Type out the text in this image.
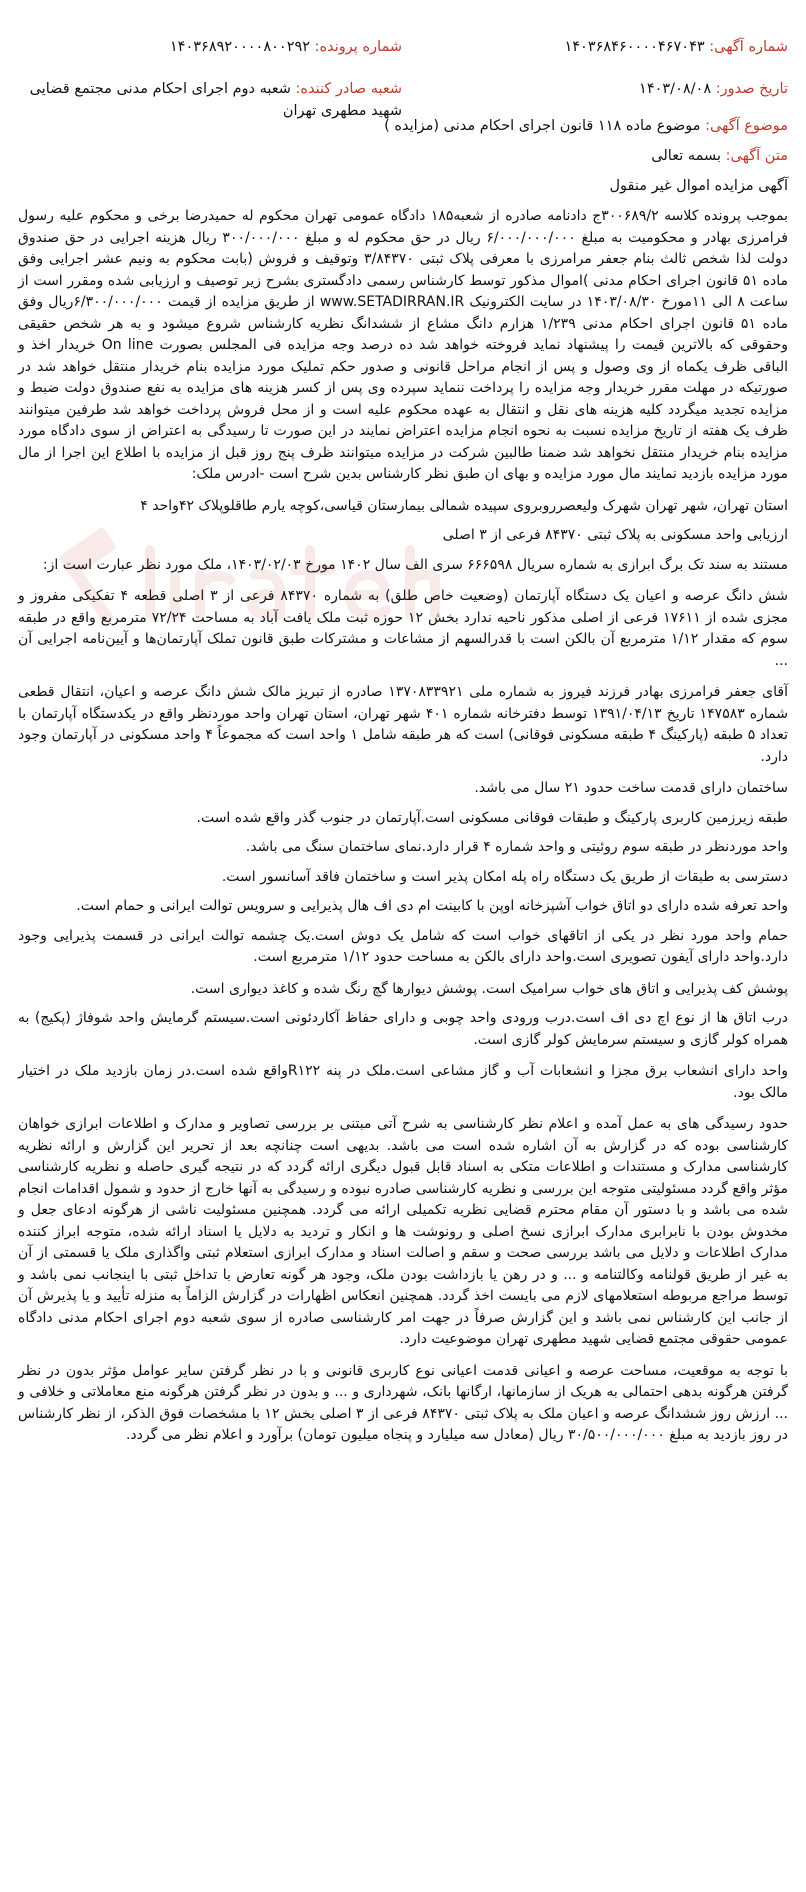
شماره آگهی: ۱۴۰۳۶۸۴۶۰۰۰۰۴۶۷۰۴۳
شماره پرونده: ۱۴۰۳۶۸۹۲۰۰۰۰۸۰۰۲۹۲
تاریخ صدور: ۱۴۰۳/۰۸/۰۸
شعبه صادر کننده: شعبه دوم اجرای احکام مدنی مجتمع قضایی شهید مطهری تهران
موضوع آگهی: موضوع ماده ۱۱۸ قانون اجرای احکام مدنی (مزایده )
متن آگهی: بسمه تعالی
آگهی مزایده اموال غیر منقول

بموجب پرونده کلاسه ۳۰۰۶۸۹/۲ج دادنامه صادره از شعبه۱۸۵ دادگاه عمومی تهران محکوم له حمیدرضا برخی و محکوم علیه رسول فرامرزی بهادر و محکومیت به مبلغ ۶/۰۰۰/۰۰۰/۰۰۰ ریال در حق محکوم له و مبلغ ۳۰۰/۰۰۰/۰۰۰ ریال هزینه اجرایی در حق صندوق دولت لذا شخص ثالث بنام جعفر مرامرزی با معرفی پلاک ثبتی ۳/۸۴۳۷۰ وتوقیف و فروش (بابت محکوم به ونیم عشر اجرایی وفق ماده ۵۱ قانون اجرای احکام مدنی )اموال مذکور توسط کارشناس رسمی دادگستری بشرح زیر توصیف و ارزیابی شده ومقرر است از ساعت ۸ الی ۱۱مورخ ۱۴۰۳/۰۸/۳۰ در سایت الکترونیک www.SETADIRRAN.IR از طریق مزایده از قیمت ۶/۳۰۰/۰۰۰/۰۰۰ریال وفق ماده ۵۱ قانون اجرای احکام مدنی ۱/۲۳۹ هزارم دانگ مشاع از ششدانگ نظریه کارشناس شروع میشود و به هر شخص حقیقی وحقوقی که بالاترین قیمت را پیشنهاد نماید فروخته خواهد شد ده درصد وجه مزایده فی المجلس بصورت On line خریدار اخذ و الباقی ظرف یکماه از وی وصول و پس از انجام مراحل قانونی و صدور حکم تملیک مورد مزایده بنام خریدار منتقل خواهد شد در صورتیکه در مهلت مقرر خریدار وجه مزایده را پرداخت ننماید سپرده وی پس از کسر هزینه های مزایده به نفع صندوق دولت ضبط و مزایده تجدید میگردد کلیه هزینه های نقل و انتقال به عهده محکوم علیه است و از محل فروش پرداخت خواهد شد طرفین میتوانند ظرف یک هفته از تاریخ مزایده نسبت به نحوه انجام مزایده اعتراض نمایند در این صورت تا رسیدگی به اعتراض از سوی دادگاه مورد مزایده بنام خریدار منتقل نخواهد شد ضمنا طالبین شرکت در مزایده میتوانند ظرف پنج روز قبل از مزایده با اطلاع این اجرا از مال مورد مزایده بازدید نمایند مال مورد مزایده و بهای ان طبق نظر کارشناس بدین شرح است -ادرس ملک:

استان تهران، شهر تهران شهرک ولیعصرروبروی سپیده شمالی بیمارستان قیاسی،کوچه یارم طاقلوپلاک ۴۲واحد ۴

ارزیابی واحد مسکونی به پلاک ثبتی ۸۴۳۷۰ فرعی از ۳ اصلی

مستند به سند تک برگ ابرازی به شماره سریال ۶۶۶۵۹۸ سری الف سال ۱۴۰۲ مورخ ۱۴۰۳/۰۲/۰۳، ملک مورد نظر عبارت است از:

شش دانگ عرصه و اعیان یک دستگاه آپارتمان (وضعیت خاص طلق) به شماره ۸۴۳۷۰ فرعی از ۳ اصلی قطعه ۴ تفکیکی مفروز و مجزی شده از ۱۷۶۱۱ فرعی از اصلی مذکور ناحیه ندارد بخش ۱۲ حوزه ثبت ملک یافت آباد به مساحت ۷۲/۲۴ مترمربع واقع در طبقه سوم که مقدار ۱/۱۲ مترمربع آن بالکن است با قدرالسهم از مشاعات و مشترکات طبق قانون تملک آپارتمان‌ها و آیین‌نامه اجرایی آن ...

آقای جعفر فرامرزی بهادر فرزند فیروز به شماره ملی ۱۳۷۰۸۳۳۹۲۱ صادره از تبریز مالک شش دانگ عرصه و اعیان، انتقال قطعی شماره ۱۴۷۵۸۳ تاریخ ۱۳۹۱/۰۴/۱۳ توسط دفترخانه شماره ۴۰۱ شهر تهران، استان تهران واحد موردنظر واقع در یکدستگاه آپارتمان با تعداد ۵ طبقه (پارکینگ ۴ طبقه مسکونی فوقانی) است که هر طبقه شامل ۱ واحد است که مجموعاً ۴ واحد مسکونی در آپارتمان وجود دارد.

ساختمان دارای قدمت ساخت حدود ۲۱ سال می باشد.

طبقه زیرزمین کاربری پارکینگ و طبقات فوقانی مسکونی است.آپارتمان در جنوب گذر واقع شده است.

واحد موردنظر در طبقه سوم روئیتی و واحد شماره ۴ قرار دارد.نمای ساختمان سنگ می باشد.

دسترسی به طبقات از طریق یک دستگاه راه پله امکان پذیر است و ساختمان فاقد آسانسور است.

واحد تعرفه شده دارای دو اتاق خواب آشپزخانه اوپن با کابینت ام دی اف هال پذیرایی و سرویس توالت ایرانی و حمام است.

حمام واحد مورد نظر در یکی از اتاقهای خواب است که شامل یک دوش است.یک چشمه توالت ایرانی در قسمت پذیرایی وجود دارد.واحد دارای آیفون تصویری است.واحد دارای بالکن به مساحت حدود ۱/۱۲ مترمربع است.

پوشش کف پذیرایی و اتاق های خواب سرامیک است. پوشش دیوارها گچ رنگ شده و کاغذ دیواری است.

درب اتاق ها از نوع اچ دی اف است.درب ورودی واحد چوبی و دارای حفاظ آکاردئونی است.سیستم گرمایش واحد شوفاژ (پکیج) به همراه کولر گازی و سیستم سرمایش کولر گازی است.

واحد دارای انشعاب برق مجزا و انشعابات آب و گاز مشاعی است.ملک در پنه R۱۲۲واقع شده است.در زمان بازدید ملک در اختیار مالک بود.

حدود رسیدگی های به عمل آمده و اعلام نظر کارشناسی به شرح آتی مبتنی بر بررسی تصاویر و مدارک و اطلاعات ابرازی خواهان کارشناسی بوده که در گزارش به آن اشاره شده است می باشد. بدیهی است چنانچه بعد از تحریر این گزارش و ارائه نظریه کارشناسی مدارک و مستندات و اطلاعات متکی به اسناد قابل قبول دیگری ارائه گردد که در نتیجه گیری حاصله و نظریه کارشناسی مؤثر واقع گردد مسئولیتی متوجه این بررسی و نظریه کارشناسی صادره نبوده و رسیدگی به آنها خارج از حدود و شمول اقدامات انجام شده می باشد و با دستور آن مقام محترم قضایی نظریه تکمیلی ارائه می گردد. همچنین مسئولیت ناشی از هرگونه ادعای جعل و مخدوش بودن با نابرابری مدارک ابرازی نسخ اصلی و رونوشت ها و انکار و تردید به دلایل یا اسناد ارائه شده، متوجه ابراز کننده مدارک اطلاعات و دلایل می باشد بررسی صحت و سقم و اصالت اسناد و مدارک ابرازی استعلام ثبتی واگذاری ملک یا قسمتی از آن به غیر از طریق قولنامه وکالتنامه و ... و در رهن یا بازداشت بودن ملک، وجود هر گونه تعارض با تداخل ثبتی با اینجانب نمی باشد و توسط مراجع مربوطه استعلامهای لازم می بایست اخذ گردد. همچنین انعکاس اظهارات در گزارش الزاماً به منزله تأیید و یا پذیرش آن از جانب این کارشناس نمی باشد و این گزارش صرفاً در جهت امر کارشناسی صادره از سوی شعبه دوم اجرای احکام مدنی دادگاه عمومی حقوقی مجتمع قضایی شهید مطهری تهران موضوعیت دارد.

با توجه به موقعیت، مساحت عرصه و اعیانی قدمت اعیانی نوع کاربری قانونی و با در نظر گرفتن سایر عوامل مؤثر بدون در نظر گرفتن هرگونه بدهی احتمالی به هریک از سازمانها، ارگانها بانک، شهرداری و ... و بدون در نظر گرفتن هرگونه منع معاملاتی و خلافی و ... ارزش روز ششدانگ عرصه و اعیان ملک به پلاک ثبتی ۸۴۳۷۰ فرعی از ۳ اصلی بخش ۱۲ با مشخصات فوق الذکر، از نظر کارشناس در روز بازدید به مبلغ ۳۰/۵۰۰/۰۰۰/۰۰۰ ریال (معادل سه میلیارد و پنجاه میلیون تومان) برآورد و اعلام نظر می گردد.
